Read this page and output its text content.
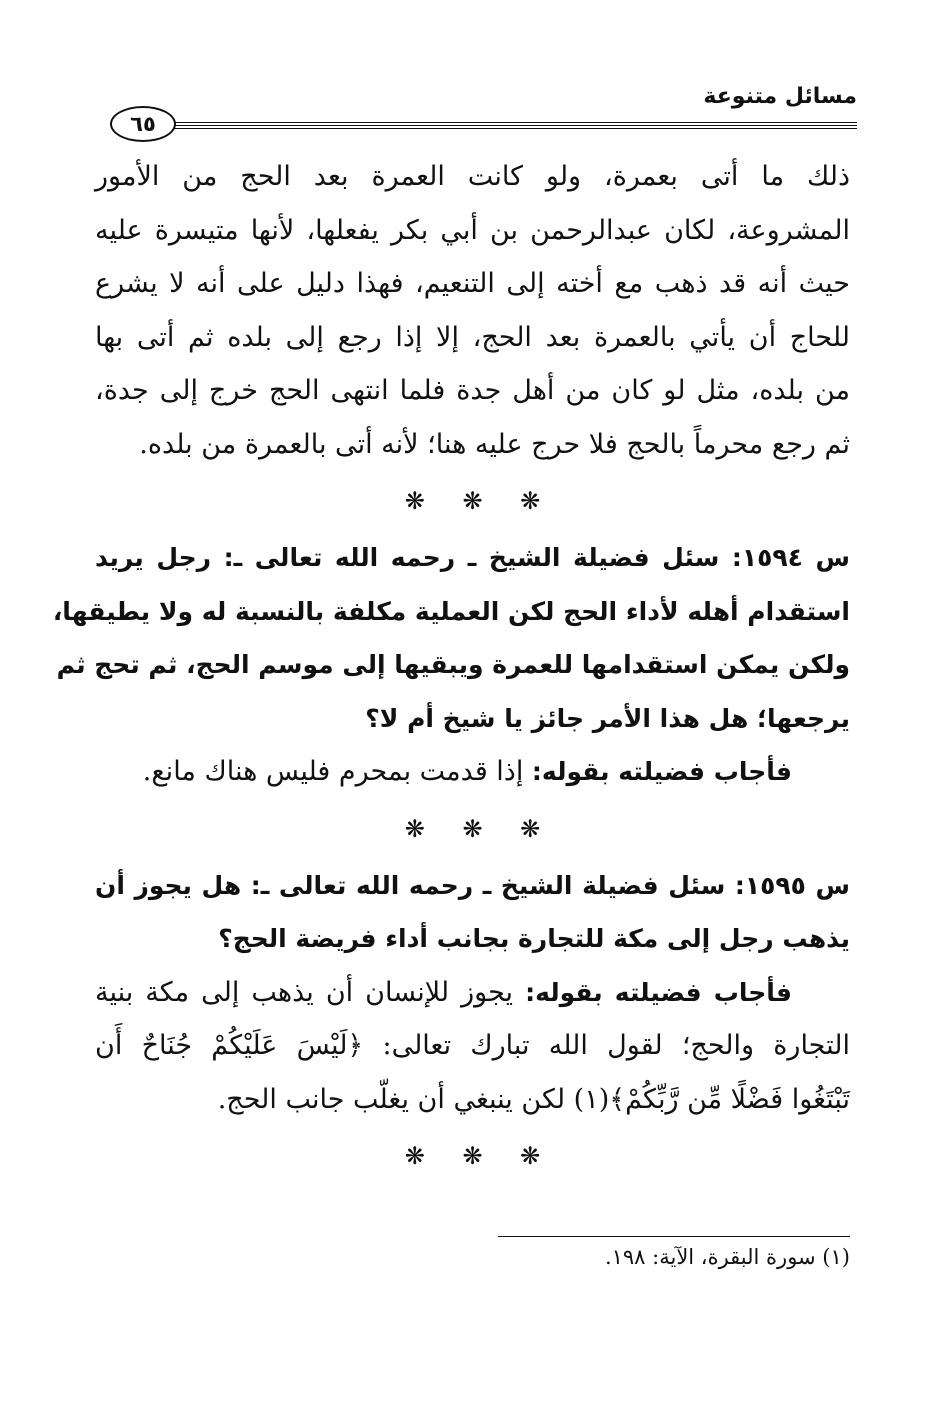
مسائل متنوعة
٦٥
ذلك ما أتى بعمرة، ولو كانت العمرة بعد الحج من الأمور
المشروعة، لكان عبدالرحمن بن أبي بكر يفعلها، لأنها متيسرة عليه
حيث أنه قد ذهب مع أخته إلى التنعيم، فهذا دليل على أنه لا يشرع
للحاج أن يأتي بالعمرة بعد الحج، إلا إذا رجع إلى بلده ثم أتى بها
من بلده، مثل لو كان من أهل جدة فلما انتهى الحج خرج إلى جدة،
ثم رجع محرماً بالحج فلا حرج عليه هنا؛ لأنه أتى بالعمرة من بلده.
❋ ❋ ❋
س ١٥٩٤: سئل فضيلة الشيخ ـ رحمه الله تعالى ـ: رجل يريد
استقدام أهله لأداء الحج لكن العملية مكلفة بالنسبة له ولا يطيقها،
ولكن يمكن استقدامها للعمرة ويبقيها إلى موسم الحج، ثم تحج ثم
يرجعها؛ هل هذا الأمر جائز يا شيخ أم لا؟
فأجاب فضيلته بقوله: إذا قدمت بمحرم فليس هناك مانع.
❋ ❋ ❋
س ١٥٩٥: سئل فضيلة الشيخ ـ رحمه الله تعالى ـ: هل يجوز أن
يذهب رجل إلى مكة للتجارة بجانب أداء فريضة الحج؟
فأجاب فضيلته بقوله: يجوز للإنسان أن يذهب إلى مكة بنية
التجارة والحج؛ لقول الله تبارك تعالى: ﴿لَيْسَ عَلَيْكُمْ جُنَاحٌ أَن
تَبْتَغُوا فَضْلًا مِّن رَّبِّكُمْ﴾(١) لكن ينبغي أن يغلّب جانب الحج.
❋ ❋ ❋
(١) سورة البقرة، الآية: ١٩٨.
